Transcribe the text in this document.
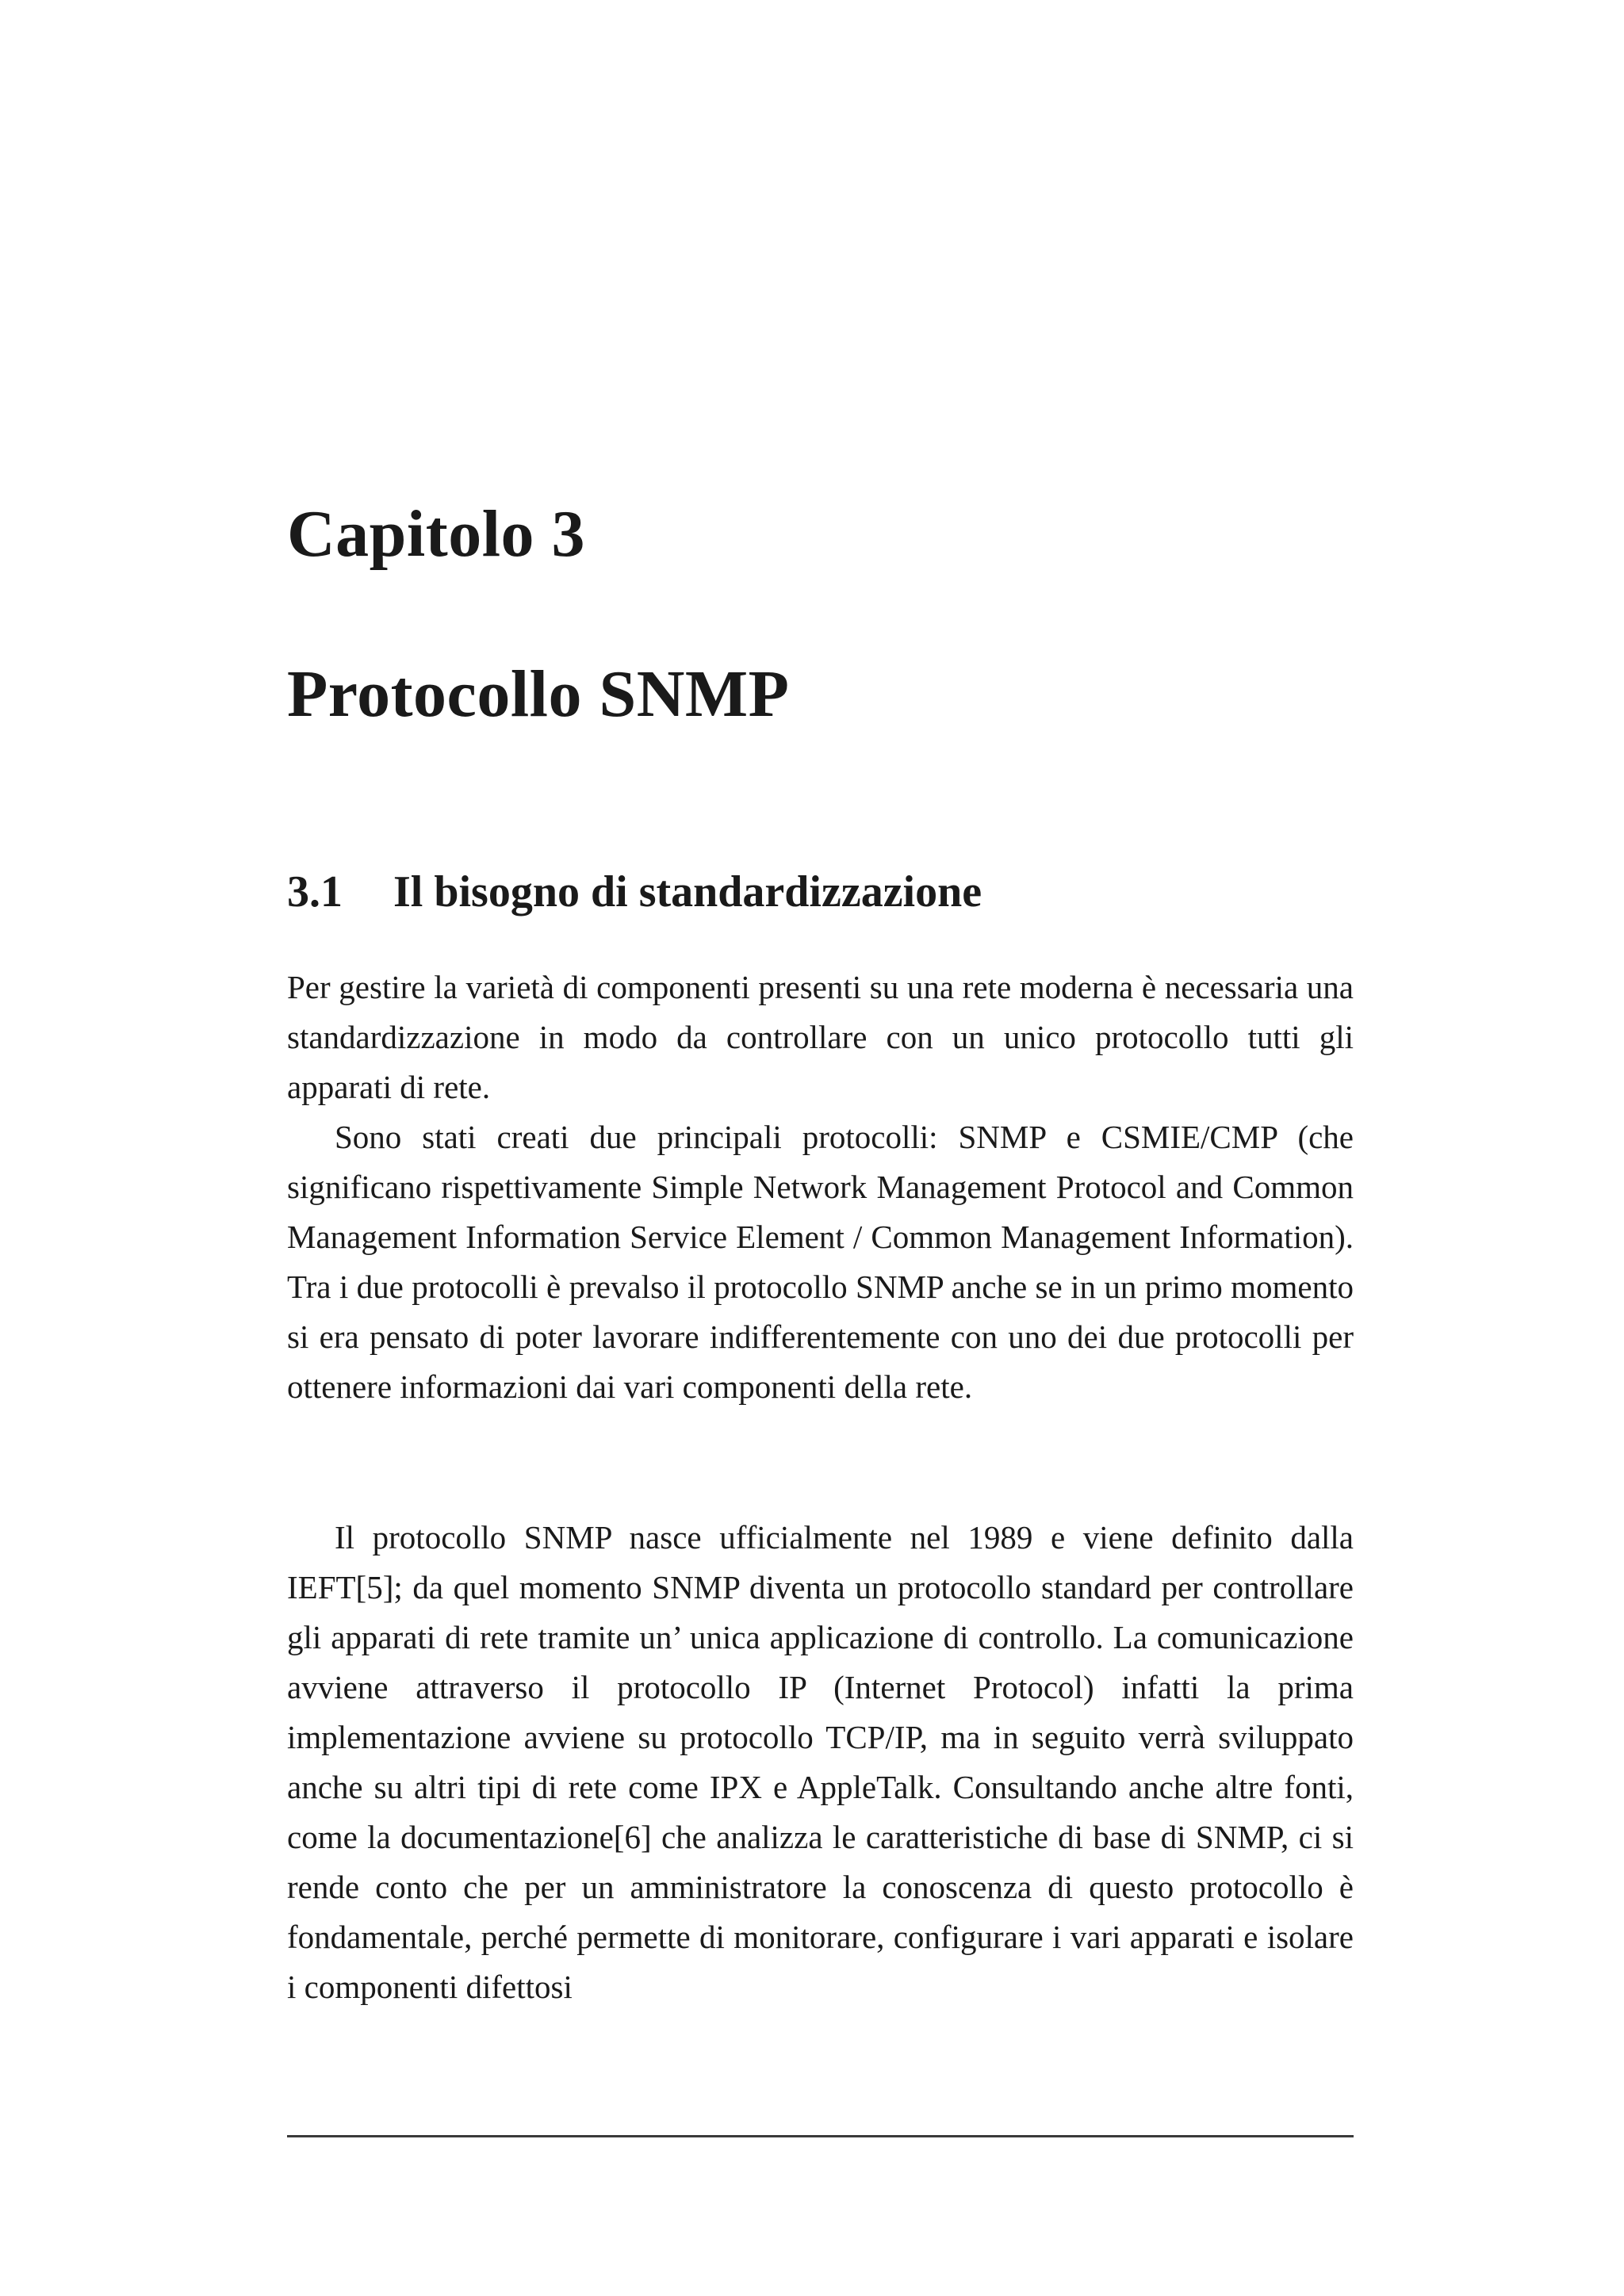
Capitolo 3
Protocollo SNMP
3.1 Il bisogno di standardizzazione

Per gestire la varietà di componenti presenti su una rete moderna è necessaria una standardizzazione in modo da controllare con un unico protocollo tutti gli apparati di rete.

Sono stati creati due principali protocolli: SNMP e CSMIE/CMP (che significano rispettivamente Simple Network Management Protocol and Common Management Information Service Element / Common Management Information). Tra i due protocolli è prevalso il protocollo SNMP anche se in un primo momento si era pensato di poter lavorare indifferentemente con uno dei due protocolli per ottenere informazioni dai vari componenti della rete.

Il protocollo SNMP nasce ufficialmente nel 1989 e viene definito dalla IEFT[5]; da quel momento SNMP diventa un protocollo standard per controllare gli apparati di rete tramite un’ unica applicazione di controllo. La comunicazione avviene attraverso il protocollo IP (Internet Protocol) infatti la prima implementazione avviene su protocollo TCP/IP, ma in seguito verrà sviluppato anche su altri tipi di rete come IPX e AppleTalk. Consultando anche altre fonti, come la documentazione[6] che analizza le caratteristiche di base di SNMP, ci si rende conto che per un amministratore la conoscenza di questo protocollo è fondamentale, perché permette di monitorare, configurare i vari apparati e isolare i componenti difettosi
